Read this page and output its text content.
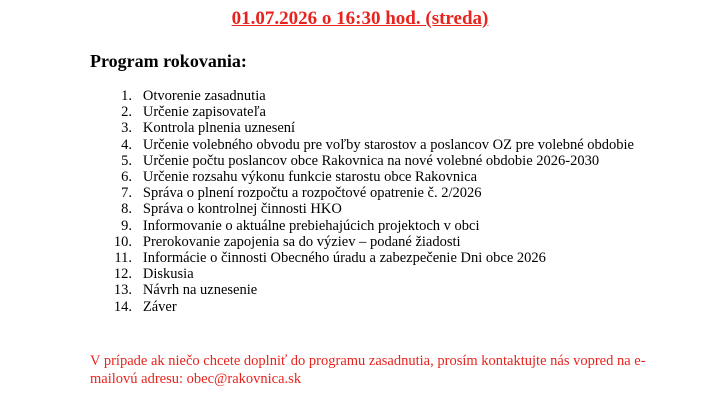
01.07.2026 o 16:30 hod. (streda)
Program rokovania:
1. Otvorenie zasadnutia
2. Určenie zapisovateľa
3. Kontrola plnenia uznesení
4. Určenie volebného obvodu pre voľby starostov a poslancov OZ pre volebné obdobie
5. Určenie počtu poslancov obce Rakovnica na nové volebné obdobie 2026-2030
6. Určenie rozsahu výkonu funkcie starostu obce Rakovnica
7. Správa o plnení rozpočtu a rozpočtové opatrenie č. 2/2026
8. Správa o kontrolnej činnosti HKO
9. Informovanie o aktuálne prebiehajúcich projektoch v obci
10. Prerokovanie zapojenia sa do výziev – podané žiadosti
11. Informácie o činnosti Obecného úradu a zabezpečenie Dni obce 2026
12. Diskusia
13. Návrh na uznesenie
14. Záver
V prípade ak niečo chcete doplniť do programu zasadnutia, prosím kontaktujte nás vopred na e-mailovú adresu: obec@rakovnica.sk
